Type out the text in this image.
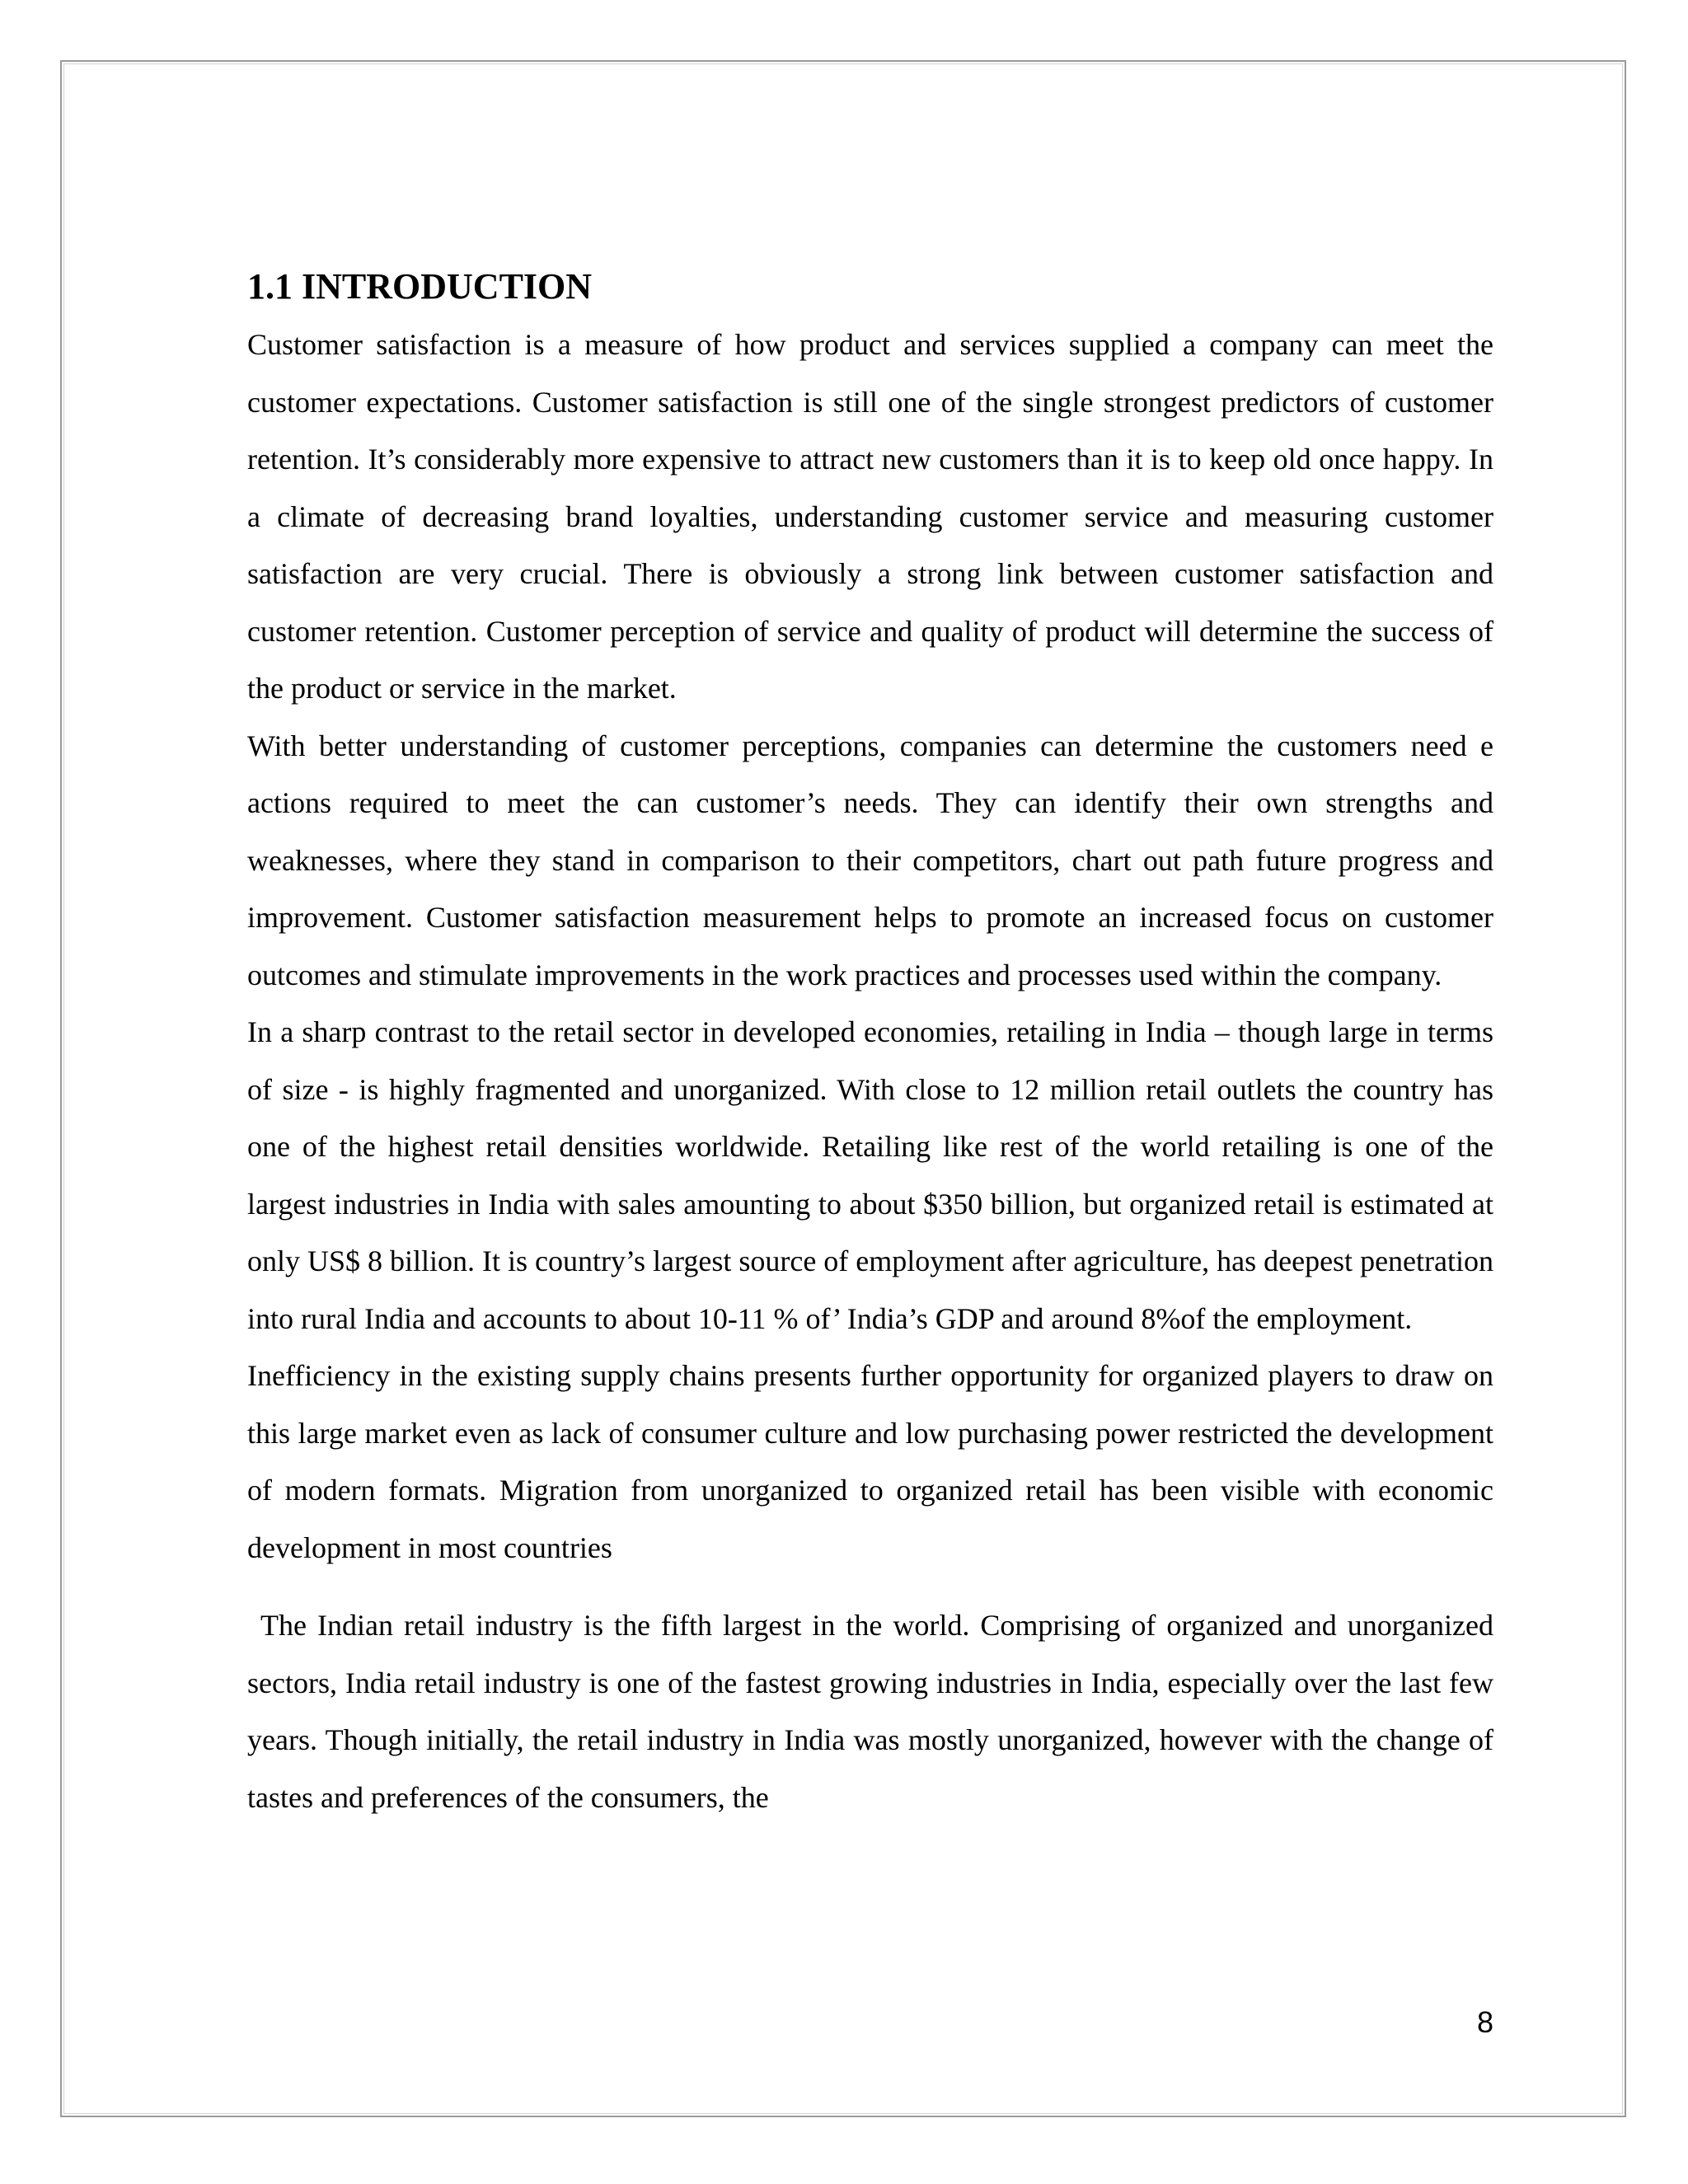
1.1 INTRODUCTION

Customer satisfaction is a measure of how product and services supplied a company can meet the customer expectations. Customer satisfaction is still one of the single strongest predictors of customer retention. It’s considerably more expensive to attract new customers than it is to keep old once happy. In a climate of decreasing brand loyalties, understanding customer service and measuring customer satisfaction are very crucial. There is obviously a strong link between customer satisfaction and customer retention. Customer perception of service and quality of product will determine the success of the product or service in the market.

With better understanding of customer perceptions, companies can determine the customers need e actions required to meet the can customer’s needs. They can identify their own strengths and weaknesses, where they stand in comparison to their competitors, chart out path future progress and improvement. Customer satisfaction measurement helps to promote an increased focus on customer outcomes and stimulate improvements in the work practices and processes used within the company.

In a sharp contrast to the retail sector in developed economies, retailing in India – though large in terms of size - is highly fragmented and unorganized. With close to 12 million retail outlets the country has one of the highest retail densities worldwide. Retailing like rest of the world retailing is one of the largest industries in India with sales amounting to about $350 billion, but organized retail is estimated at only US$ 8 billion. It is country’s largest source of employment after agriculture, has deepest penetration into rural India and accounts to about 10-11 % of’ India’s GDP and around 8%of the employment.

Inefficiency in the existing supply chains presents further opportunity for organized players to draw on this large market even as lack of consumer culture and low purchasing power restricted the development of modern formats. Migration from unorganized to organized retail has been visible with economic development in most countries

The Indian retail industry is the fifth largest in the world. Comprising of organized and unorganized sectors, India retail industry is one of the fastest growing industries in India, especially over the last few years. Though initially, the retail industry in India was mostly unorganized, however with the change of tastes and preferences of the consumers, the

8
